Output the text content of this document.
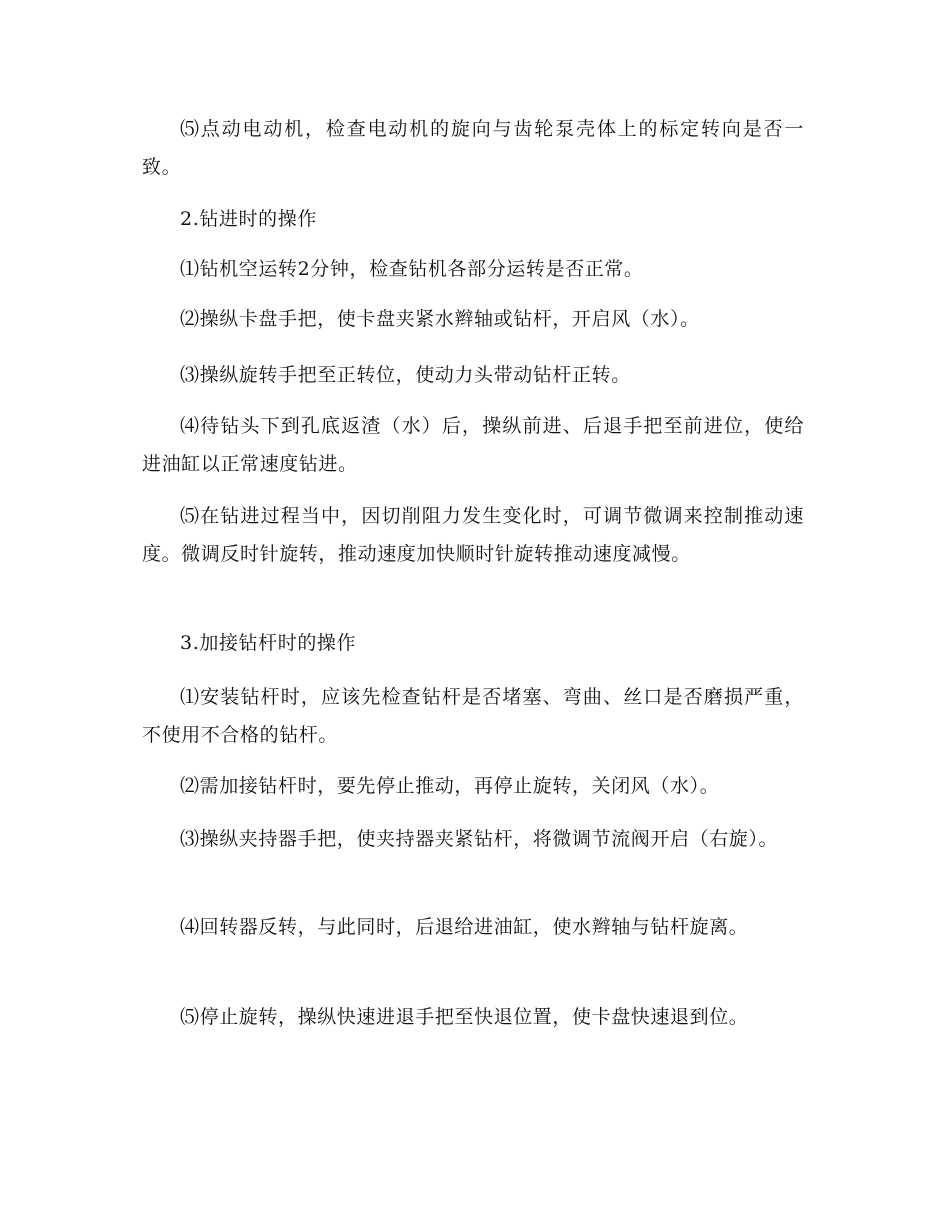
⑸点动电动机，检查电动机的旋向与齿轮泵壳体上的标定转向是否一致。

2.钻进时的操作

⑴钻机空运转2分钟，检查钻机各部分运转是否正常。

⑵操纵卡盘手把，使卡盘夹紧水辫轴或钻杆，开启风（水）。

⑶操纵旋转手把至正转位，使动力头带动钻杆正转。

⑷待钻头下到孔底返渣（水）后，操纵前进、后退手把至前进位，使给进油缸以正常速度钻进。

⑸在钻进过程当中，因切削阻力发生变化时，可调节微调来控制推动速度。微调反时针旋转，推动速度加快顺时针旋转推动速度减慢。

3.加接钻杆时的操作

⑴安装钻杆时，应该先检查钻杆是否堵塞、弯曲、丝口是否磨损严重，不使用不合格的钻杆。

⑵需加接钻杆时，要先停止推动，再停止旋转，关闭风（水）。

⑶操纵夹持器手把，使夹持器夹紧钻杆，将微调节流阀开启（右旋）。

⑷回转器反转，与此同时，后退给进油缸，使水辫轴与钻杆旋离。

⑸停止旋转，操纵快速进退手把至快退位置，使卡盘快速退到位。
